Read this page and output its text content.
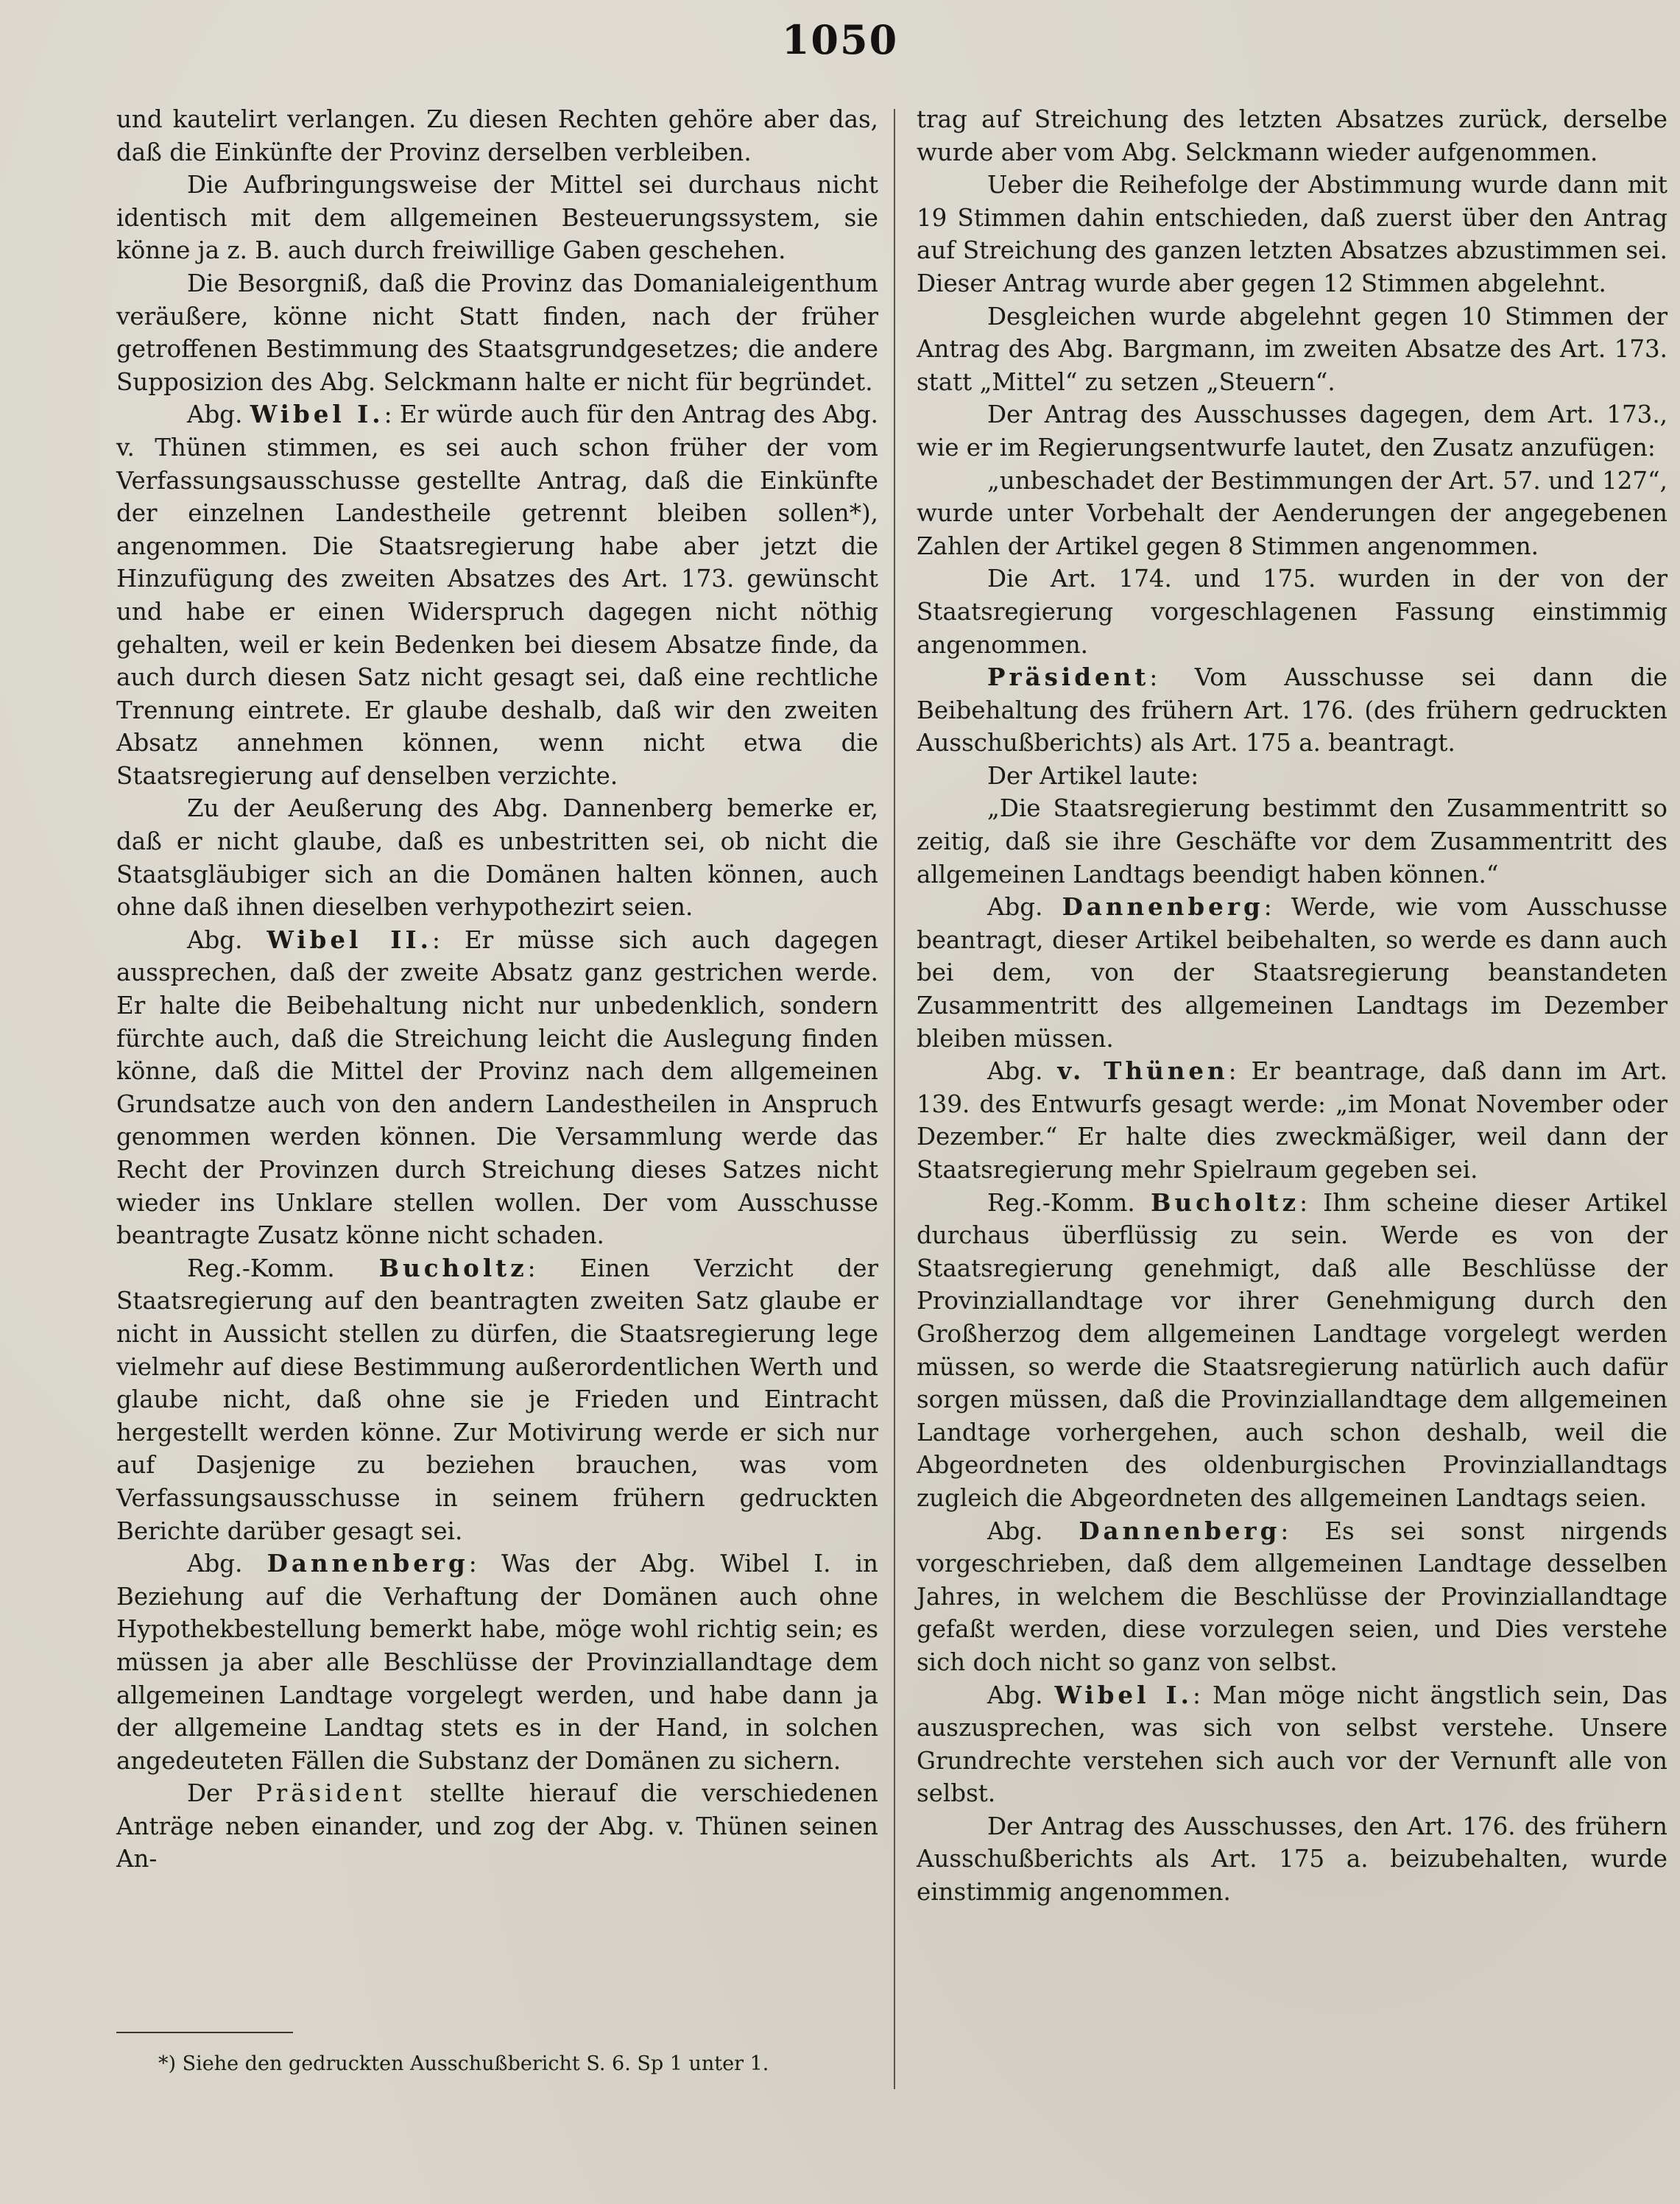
1050

und kautelirt verlangen. Zu diesen Rechten gehöre aber das, daß die Einkünfte der Provinz derselben verbleiben.

Die Aufbringungsweise der Mittel sei durchaus nicht identisch mit dem allgemeinen Besteuerungssystem, sie könne ja z. B. auch durch freiwillige Gaben geschehen.

Die Besorgniß, daß die Provinz das Domanialeigenthum veräußere, könne nicht Statt finden, nach der früher getroffenen Bestimmung des Staatsgrundgesetzes; die andere Supposizion des Abg. Selckmann halte er nicht für begründet.

Abg. Wibel I.: Er würde auch für den Antrag des Abg. v. Thünen stimmen, es sei auch schon früher der vom Verfassungsausschusse gestellte Antrag, daß die Einkünfte der einzelnen Landestheile getrennt bleiben sollen*), angenommen. Die Staatsregierung habe aber jetzt die Hinzufügung des zweiten Absatzes des Art. 173. gewünscht und habe er einen Widerspruch dagegen nicht nöthig gehalten, weil er kein Bedenken bei diesem Absatze finde, da auch durch diesen Satz nicht gesagt sei, daß eine rechtliche Trennung eintrete. Er glaube deshalb, daß wir den zweiten Absatz annehmen können, wenn nicht etwa die Staatsregierung auf denselben verzichte.

Zu der Aeußerung des Abg. Dannenberg bemerke er, daß er nicht glaube, daß es unbestritten sei, ob nicht die Staatsgläubiger sich an die Domänen halten können, auch ohne daß ihnen dieselben verhypothezirt seien.

Abg. Wibel II.: Er müsse sich auch dagegen aussprechen, daß der zweite Absatz ganz gestrichen werde. Er halte die Beibehaltung nicht nur unbedenklich, sondern fürchte auch, daß die Streichung leicht die Auslegung finden könne, daß die Mittel der Provinz nach dem allgemeinen Grundsatze auch von den andern Landestheilen in Anspruch genommen werden können. Die Versammlung werde das Recht der Provinzen durch Streichung dieses Satzes nicht wieder ins Unklare stellen wollen. Der vom Ausschusse beantragte Zusatz könne nicht schaden.

Reg.-Komm. Bucholtz: Einen Verzicht der Staatsregierung auf den beantragten zweiten Satz glaube er nicht in Aussicht stellen zu dürfen, die Staatsregierung lege vielmehr auf diese Bestimmung außerordentlichen Werth und glaube nicht, daß ohne sie je Frieden und Eintracht hergestellt werden könne. Zur Motivirung werde er sich nur auf Dasjenige zu beziehen brauchen, was vom Verfassungsausschusse in seinem frühern gedruckten Berichte darüber gesagt sei.

Abg. Dannenberg: Was der Abg. Wibel I. in Beziehung auf die Verhaftung der Domänen auch ohne Hypothekbestellung bemerkt habe, möge wohl richtig sein; es müssen ja aber alle Beschlüsse der Provinziallandtage dem allgemeinen Landtage vorgelegt werden, und habe dann ja der allgemeine Landtag stets es in der Hand, in solchen angedeuteten Fällen die Substanz der Domänen zu sichern.

Der Präsident stellte hierauf die verschiedenen Anträge neben einander, und zog der Abg. v. Thünen seinen An-

trag auf Streichung des letzten Absatzes zurück, derselbe wurde aber vom Abg. Selckmann wieder aufgenommen.

Ueber die Reihefolge der Abstimmung wurde dann mit 19 Stimmen dahin entschieden, daß zuerst über den Antrag auf Streichung des ganzen letzten Absatzes abzustimmen sei. Dieser Antrag wurde aber gegen 12 Stimmen abgelehnt.

Desgleichen wurde abgelehnt gegen 10 Stimmen der Antrag des Abg. Bargmann, im zweiten Absatze des Art. 173. statt „Mittel“ zu setzen „Steuern“.

Der Antrag des Ausschusses dagegen, dem Art. 173., wie er im Regierungsentwurfe lautet, den Zusatz anzufügen:

„unbeschadet der Bestimmungen der Art. 57. und 127“, wurde unter Vorbehalt der Aenderungen der angegebenen Zahlen der Artikel gegen 8 Stimmen angenommen.

Die Art. 174. und 175. wurden in der von der Staatsregierung vorgeschlagenen Fassung einstimmig angenommen.

Präsident: Vom Ausschusse sei dann die Beibehaltung des frühern Art. 176. (des frühern gedruckten Ausschußberichts) als Art. 175 a. beantragt.

Der Artikel laute:

„Die Staatsregierung bestimmt den Zusammentritt so zeitig, daß sie ihre Geschäfte vor dem Zusammentritt des allgemeinen Landtags beendigt haben können.“

Abg. Dannenberg: Werde, wie vom Ausschusse beantragt, dieser Artikel beibehalten, so werde es dann auch bei dem, von der Staatsregierung beanstandeten Zusammentritt des allgemeinen Landtags im Dezember bleiben müssen.

Abg. v. Thünen: Er beantrage, daß dann im Art. 139. des Entwurfs gesagt werde: „im Monat November oder Dezember.“ Er halte dies zweckmäßiger, weil dann der Staatsregierung mehr Spielraum gegeben sei.

Reg.-Komm. Bucholtz: Ihm scheine dieser Artikel durchaus überflüssig zu sein. Werde es von der Staatsregierung genehmigt, daß alle Beschlüsse der Provinziallandtage vor ihrer Genehmigung durch den Großherzog dem allgemeinen Landtage vorgelegt werden müssen, so werde die Staatsregierung natürlich auch dafür sorgen müssen, daß die Provinziallandtage dem allgemeinen Landtage vorhergehen, auch schon deshalb, weil die Abgeordneten des oldenburgischen Provinziallandtags zugleich die Abgeordneten des allgemeinen Landtags seien.

Abg. Dannenberg: Es sei sonst nirgends vorgeschrieben, daß dem allgemeinen Landtage desselben Jahres, in welchem die Beschlüsse der Provinziallandtage gefaßt werden, diese vorzulegen seien, und Dies verstehe sich doch nicht so ganz von selbst.

Abg. Wibel I.: Man möge nicht ängstlich sein, Das auszusprechen, was sich von selbst verstehe. Unsere Grundrechte verstehen sich auch vor der Vernunft alle von selbst.

Der Antrag des Ausschusses, den Art. 176. des frühern Ausschußberichts als Art. 175 a. beizubehalten, wurde einstimmig angenommen.

*) Siehe den gedruckten Ausschußbericht S. 6. Sp 1 unter 1.
